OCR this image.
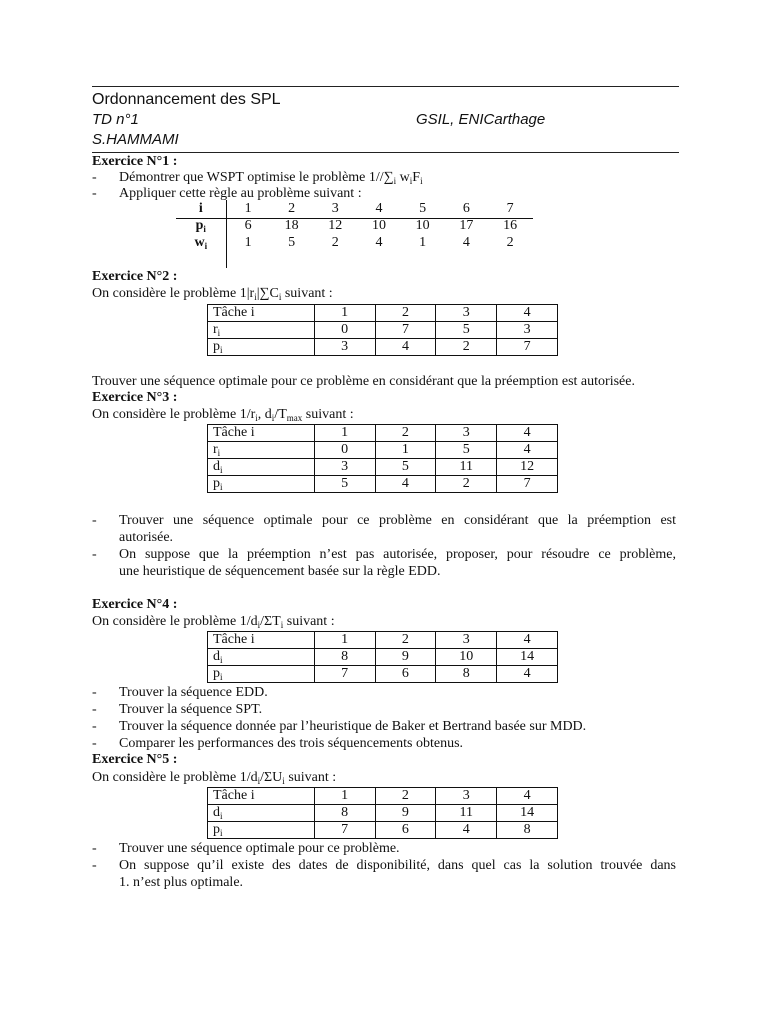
Ordonnancement des SPL
TD n°1	GSIL, ENICarthage
S.HAMMAMI
Exercice N°1 :
- Démontrer que WSPT optimise le problème $1//\sum_i$ $w_iF_i$
- Appliquer cette règle au problème suivant :
i	1	2	3	4	5	6	7
$p_i$	6	18	12	10	10	17	16
$w_i$	1	5	2	4	1	4	2

Exercice N°2 :
On considère le problème $1|r_i|\sum C_i$ suivant :
Tâche i	1	2	3	4
$r_i$	0	7	5	3
$p_i$	3	4	2	7
Trouver une séquence optimale pour ce problème en considérant que la préemption est autorisée.
Exercice N°3 :
On considère le problème $1/r_i$, $d_i/T_{max}$ suivant :
Tâche i	1	2	3	4
$r_i$	0	1	5	4
$d_i$	3	5	11	12
$p_i$	5	4	2	7
- Trouver une séquence optimale pour ce problème en considérant que la préemption est
autorisée.
- On suppose que la préemption n’est pas autorisée, proposer, pour résoudre ce problème,
une heuristique de séquencement basée sur la règle EDD.
Exercice N°4 :
On considère le problème $1/d_i/\Sigma T_i$ suivant :
Tâche i	1	2	3	4
$d_i$	8	9	10	14
$p_i$	7	6	8	4
- Trouver la séquence EDD.
- Trouver la séquence SPT.
- Trouver la séquence donnée par l’heuristique de Baker et Bertrand basée sur MDD.
- Comparer les performances des trois séquencements obtenus.
Exercice N°5 :
On considère le problème $1/d_i/\Sigma U_i$ suivant :
Tâche i	1	2	3	4
$d_i$	8	9	11	14
$p_i$	7	6	4	8
- Trouver une séquence optimale pour ce problème.
- On suppose qu’il existe des dates de disponibilité, dans quel cas la solution trouvée dans
1. n’est plus optimale.
